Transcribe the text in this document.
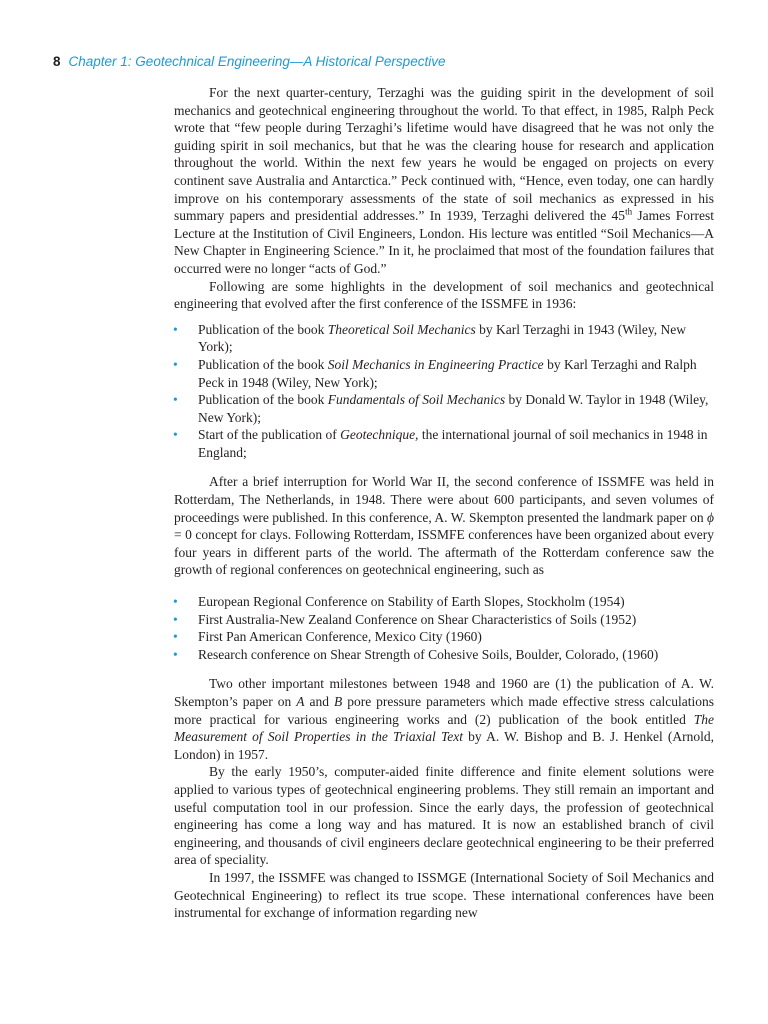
8 Chapter 1: Geotechnical Engineering—A Historical Perspective

For the next quarter-century, Terzaghi was the guiding spirit in the development of soil mechanics and geotechnical engineering throughout the world. To that effect, in 1985, Ralph Peck wrote that “few people during Terzaghi’s lifetime would have disagreed that he was not only the guiding spirit in soil mechanics, but that he was the clearing house for research and application throughout the world. Within the next few years he would be engaged on projects on every continent save Australia and Antarctica.” Peck continued with, “Hence, even today, one can hardly improve on his contemporary assessments of the state of soil mechanics as expressed in his summary papers and presidential addresses.” In 1939, Terzaghi delivered the 45th James Forrest Lecture at the Institution of Civil Engineers, London. His lecture was entitled “Soil Mechanics—A New Chapter in Engineering Science.” In it, he proclaimed that most of the foundation failures that occurred were no longer “acts of God.”

Following are some highlights in the development of soil mechanics and geotechnical engineering that evolved after the first conference of the ISSMFE in 1936:

• Publication of the book Theoretical Soil Mechanics by Karl Terzaghi in 1943 (Wiley, New York);
• Publication of the book Soil Mechanics in Engineering Practice by Karl Terzaghi and Ralph Peck in 1948 (Wiley, New York);
• Publication of the book Fundamentals of Soil Mechanics by Donald W. Taylor in 1948 (Wiley, New York);
• Start of the publication of Geotechnique, the international journal of soil mechanics in 1948 in England;

After a brief interruption for World War II, the second conference of ISSMFE was held in Rotterdam, The Netherlands, in 1948. There were about 600 participants, and seven volumes of proceedings were published. In this conference, A. W. Skempton presented the landmark paper on ϕ = 0 concept for clays. Following Rotterdam, ISSMFE conferences have been organized about every four years in different parts of the world. The aftermath of the Rotterdam conference saw the growth of regional conferences on geotechnical engineering, such as

• European Regional Conference on Stability of Earth Slopes, Stockholm (1954)
• First Australia-New Zealand Conference on Shear Characteristics of Soils (1952)
• First Pan American Conference, Mexico City (1960)
• Research conference on Shear Strength of Cohesive Soils, Boulder, Colorado, (1960)

Two other important milestones between 1948 and 1960 are (1) the publication of A. W. Skempton’s paper on A and B pore pressure parameters which made effective stress calculations more practical for various engineering works and (2) publication of the book entitled The Measurement of Soil Properties in the Triaxial Text by A. W. Bishop and B. J. Henkel (Arnold, London) in 1957.

By the early 1950’s, computer-aided finite difference and finite element solutions were applied to various types of geotechnical engineering problems. They still remain an important and useful computation tool in our profession. Since the early days, the profession of geotechnical engineering has come a long way and has matured. It is now an established branch of civil engineering, and thousands of civil engineers declare geotechnical engineering to be their preferred area of speciality.

In 1997, the ISSMFE was changed to ISSMGE (International Society of Soil Mechanics and Geotechnical Engineering) to reflect its true scope. These international conferences have been instrumental for exchange of information regarding new
